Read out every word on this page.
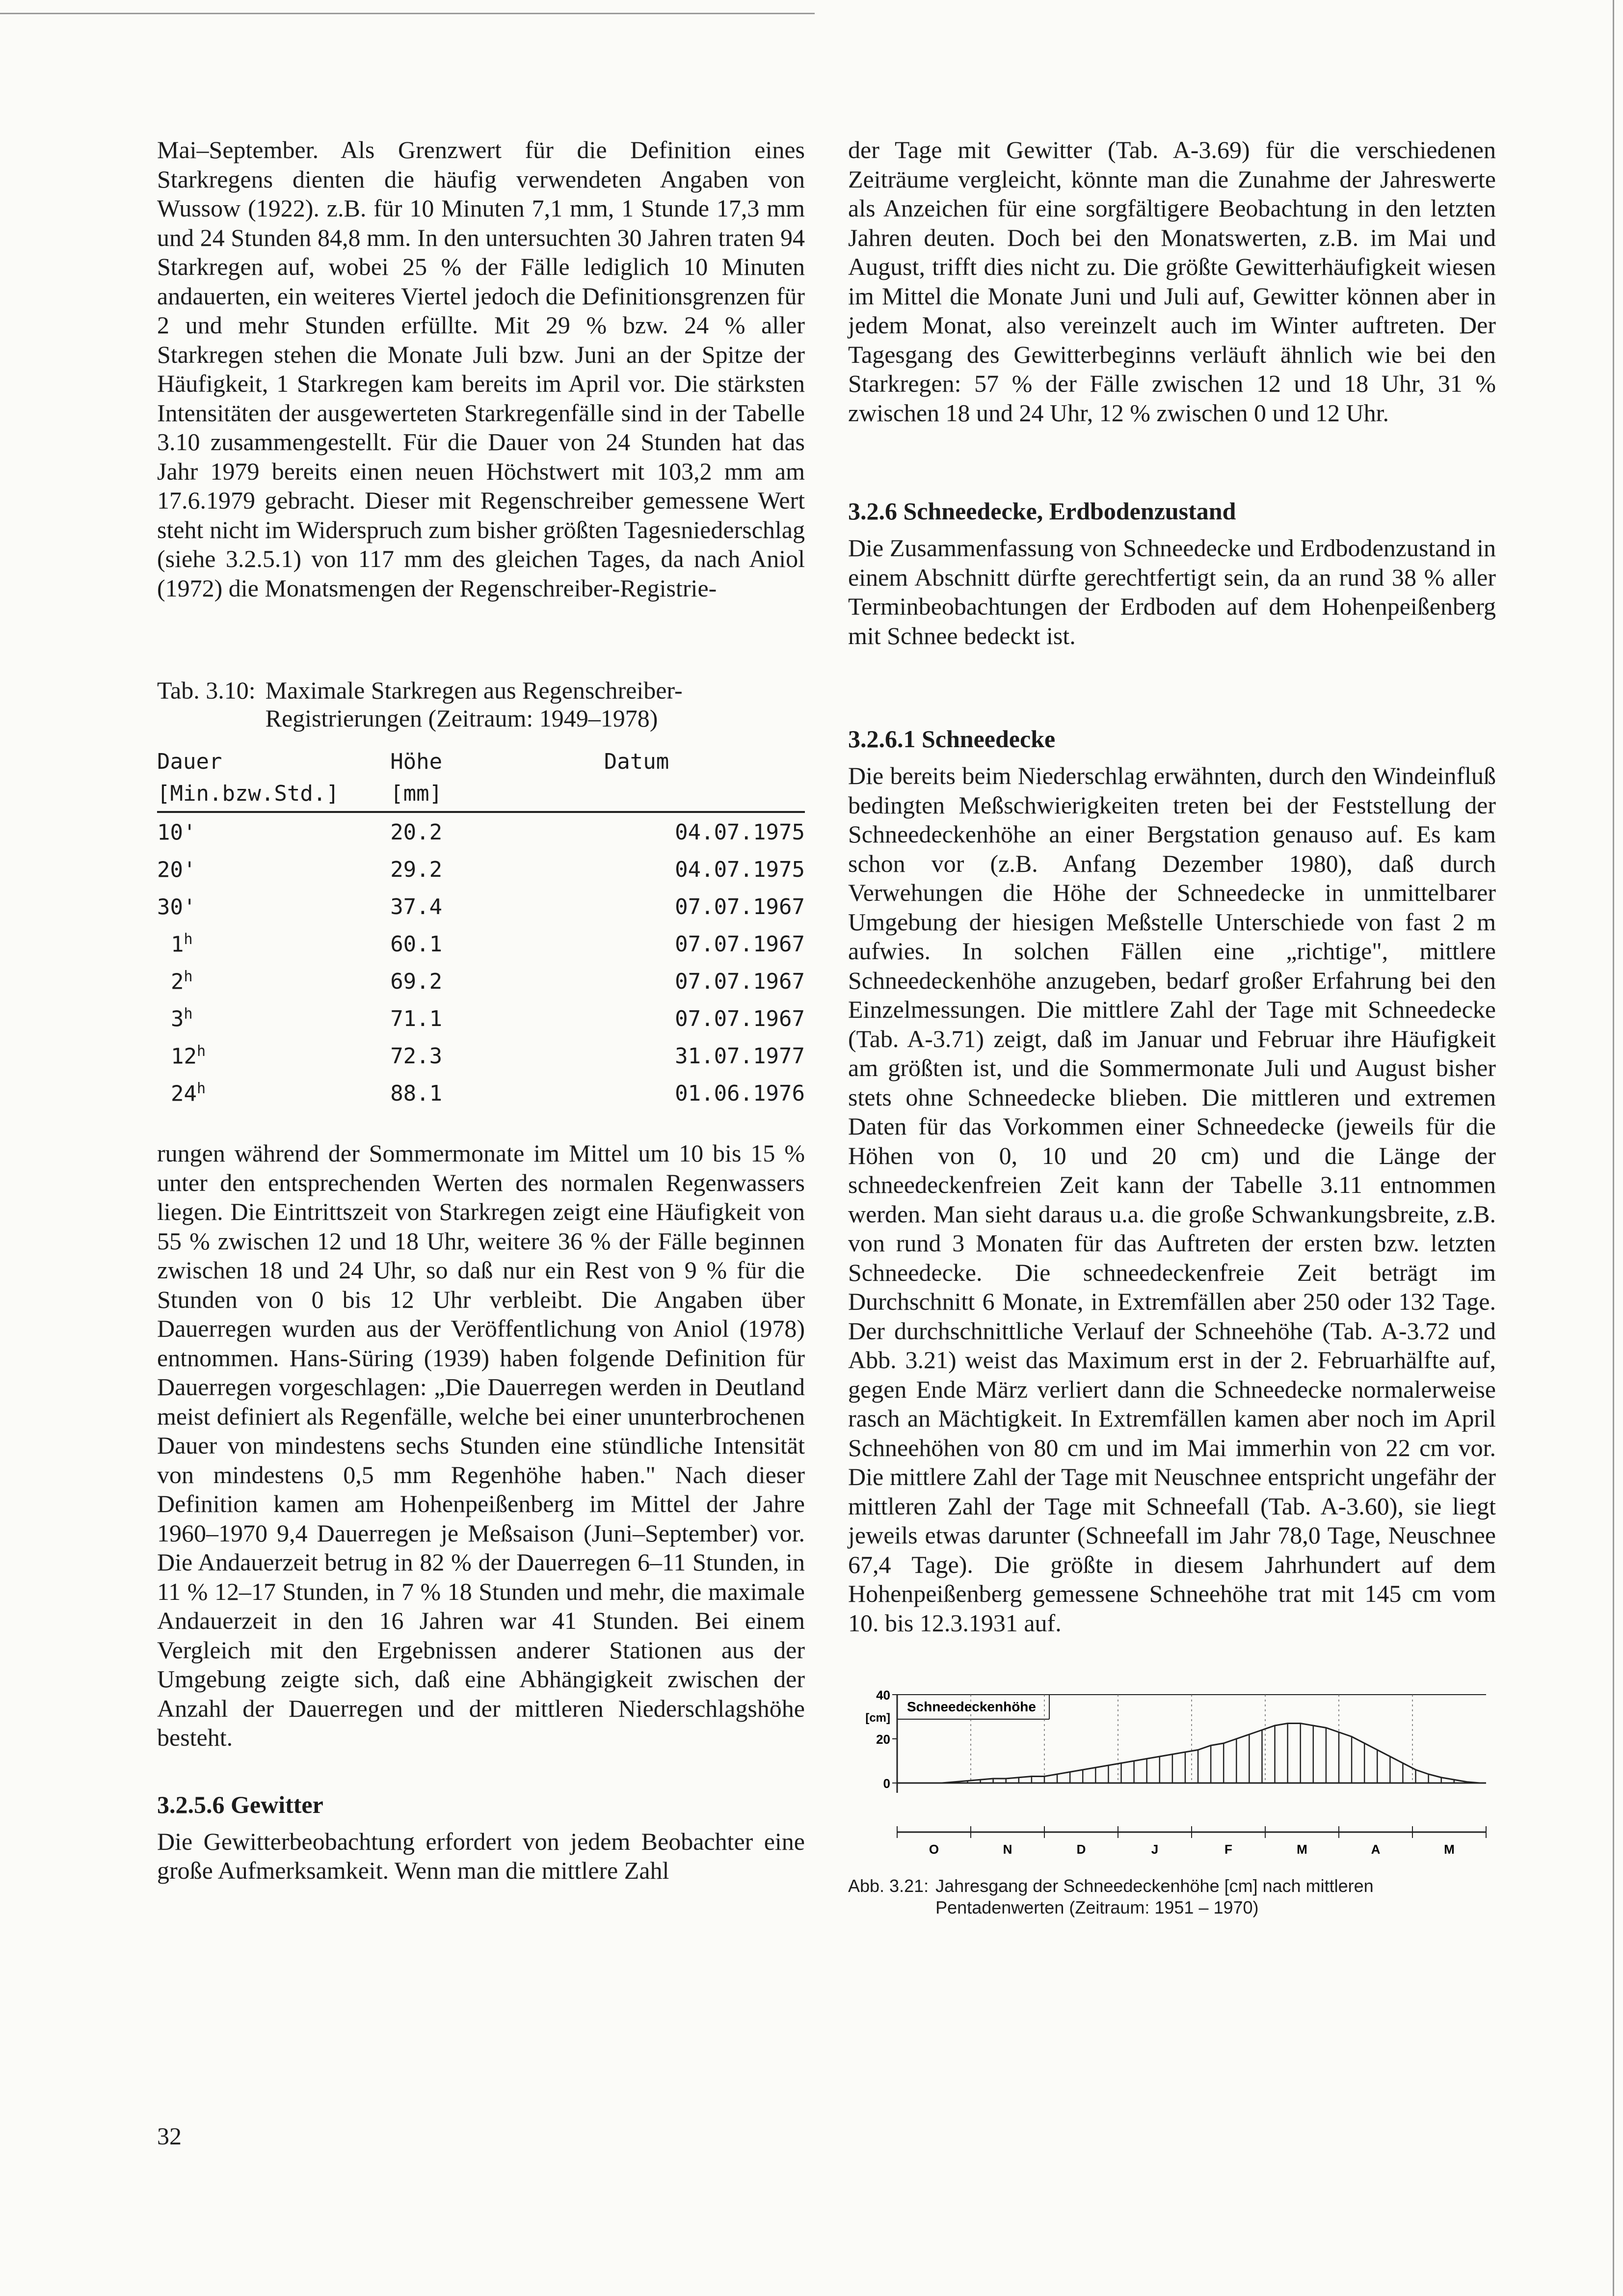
Mai–September. Als Grenzwert für die Definition eines Starkregens dienten die häufig verwendeten Angaben von Wussow (1922). z.B. für 10 Minuten 7,1 mm, 1 Stunde 17,3 mm und 24 Stunden 84,8 mm. In den untersuchten 30 Jahren traten 94 Starkregen auf, wobei 25 % der Fälle lediglich 10 Minuten andauerten, ein weiteres Viertel jedoch die Definitionsgrenzen für 2 und mehr Stunden erfüllte. Mit 29 % bzw. 24 % aller Starkregen stehen die Monate Juli bzw. Juni an der Spitze der Häufigkeit, 1 Starkregen kam bereits im April vor. Die stärksten Intensitäten der ausgewerteten Starkregenfälle sind in der Tabelle 3.10 zusammengestellt. Für die Dauer von 24 Stunden hat das Jahr 1979 bereits einen neuen Höchstwert mit 103,2 mm am 17.6.1979 gebracht. Dieser mit Regenschreiber gemessene Wert steht nicht im Widerspruch zum bisher größten Tagesniederschlag (siehe 3.2.5.1) von 117 mm des gleichen Tages, da nach Aniol (1972) die Monatsmengen der Regenschreiber-Registrie-

Tab. 3.10: Maximale Starkregen aus Regenschreiber-Registrierungen (Zeitraum: 1949–1978)
Dauer	Höhe	Datum
[Min.bzw.Std.]	[mm]	
10'	20.2	04.07.1975
20'	29.2	04.07.1975
30'	37.4	07.07.1967
1$^h$	60.1	07.07.1967
2$^h$	69.2	07.07.1967
3$^h$	71.1	07.07.1967
12$^h$	72.3	31.07.1977
24$^h$	88.1	01.06.1976

rungen während der Sommermonate im Mittel um 10 bis 15 % unter den entsprechenden Werten des normalen Regenwassers liegen. Die Eintrittszeit von Starkregen zeigt eine Häufigkeit von 55 % zwischen 12 und 18 Uhr, weitere 36 % der Fälle beginnen zwischen 18 und 24 Uhr, so daß nur ein Rest von 9 % für die Stunden von 0 bis 12 Uhr verbleibt. Die Angaben über Dauerregen wurden aus der Veröffentlichung von Aniol (1978) entnommen. Hans-Süring (1939) haben folgende Definition für Dauerregen vorgeschlagen: „Die Dauerregen werden in Deutland meist definiert als Regenfälle, welche bei einer ununterbrochenen Dauer von mindestens sechs Stunden eine stündliche Intensität von mindestens 0,5 mm Regenhöhe haben." Nach dieser Definition kamen am Hohenpeißenberg im Mittel der Jahre 1960–1970 9,4 Dauerregen je Meßsaison (Juni–September) vor. Die Andauerzeit betrug in 82 % der Dauerregen 6–11 Stunden, in 11 % 12–17 Stunden, in 7 % 18 Stunden und mehr, die maximale Andauerzeit in den 16 Jahren war 41 Stunden. Bei einem Vergleich mit den Ergebnissen anderer Stationen aus der Umgebung zeigte sich, daß eine Abhängigkeit zwischen der Anzahl der Dauerregen und der mittleren Niederschlagshöhe besteht.

3.2.5.6 Gewitter

Die Gewitterbeobachtung erfordert von jedem Beobachter eine große Aufmerksamkeit. Wenn man die mittlere Zahl

der Tage mit Gewitter (Tab. A-3.69) für die verschiedenen Zeiträume vergleicht, könnte man die Zunahme der Jahreswerte als Anzeichen für eine sorgfältigere Beobachtung in den letzten Jahren deuten. Doch bei den Monatswerten, z.B. im Mai und August, trifft dies nicht zu. Die größte Gewitterhäufigkeit wiesen im Mittel die Monate Juni und Juli auf, Gewitter können aber in jedem Monat, also vereinzelt auch im Winter auftreten. Der Tagesgang des Gewitterbeginns verläuft ähnlich wie bei den Starkregen: 57 % der Fälle zwischen 12 und 18 Uhr, 31 % zwischen 18 und 24 Uhr, 12 % zwischen 0 und 12 Uhr.

3.2.6 Schneedecke, Erdbodenzustand

Die Zusammenfassung von Schneedecke und Erdbodenzustand in einem Abschnitt dürfte gerechtfertigt sein, da an rund 38 % aller Terminbeobachtungen der Erdboden auf dem Hohenpeißenberg mit Schnee bedeckt ist.

3.2.6.1 Schneedecke

Die bereits beim Niederschlag erwähnten, durch den Windeinfluß bedingten Meßschwierigkeiten treten bei der Feststellung der Schneedeckenhöhe an einer Bergstation genauso auf. Es kam schon vor (z.B. Anfang Dezember 1980), daß durch Verwehungen die Höhe der Schneedecke in unmittelbarer Umgebung der hiesigen Meßstelle Unterschiede von fast 2 m aufwies. In solchen Fällen eine „richtige", mittlere Schneedeckenhöhe anzugeben, bedarf großer Erfahrung bei den Einzelmessungen. Die mittlere Zahl der Tage mit Schneedecke (Tab. A-3.71) zeigt, daß im Januar und Februar ihre Häufigkeit am größten ist, und die Sommermonate Juli und August bisher stets ohne Schneedecke blieben. Die mittleren und extremen Daten für das Vorkommen einer Schneedecke (jeweils für die Höhen von 0, 10 und 20 cm) und die Länge der schneedeckenfreien Zeit kann der Tabelle 3.11 entnommen werden. Man sieht daraus u.a. die große Schwankungsbreite, z.B. von rund 3 Monaten für das Auftreten der ersten bzw. letzten Schneedecke. Die schneedeckenfreie Zeit beträgt im Durchschnitt 6 Monate, in Extremfällen aber 250 oder 132 Tage. Der durchschnittliche Verlauf der Schneehöhe (Tab. A-3.72 und Abb. 3.21) weist das Maximum erst in der 2. Februarhälfte auf, gegen Ende März verliert dann die Schneedecke normalerweise rasch an Mächtigkeit. In Extremfällen kamen aber noch im April Schneehöhen von 80 cm und im Mai immerhin von 22 cm vor. Die mittlere Zahl der Tage mit Neuschnee entspricht ungefähr der mittleren Zahl der Tage mit Schneefall (Tab. A-3.60), sie liegt jeweils etwas darunter (Schneefall im Jahr 78,0 Tage, Neuschnee 67,4 Tage). Die größte in diesem Jahrhundert auf dem Hohenpeißenberg gemessene Schneehöhe trat mit 145 cm vom 10. bis 12.3.1931 auf.

40
20
0
[cm]
Schneedeckenhöhe
O	N	D	J	F	M	A	M
Abb. 3.21: Jahresgang der Schneedeckenhöhe [cm] nach mittleren Pentadenwerten (Zeitraum: 1951 – 1970)
32
